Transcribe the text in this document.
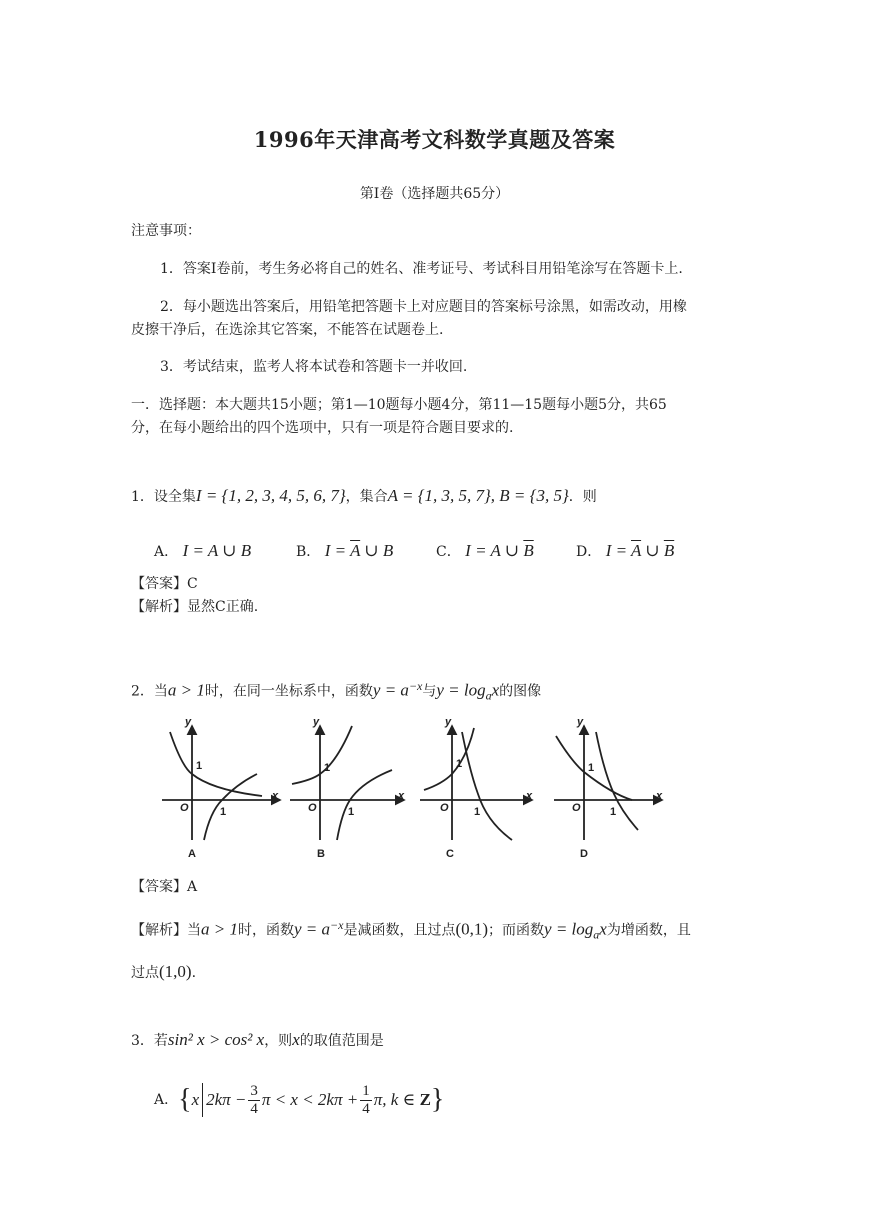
1996年天津高考文科数学真题及答案
第Ⅰ卷（选择题共65分）
注意事项：
1．答案Ⅰ卷前，考生务必将自己的姓名、准考证号、考试科目用铅笔涂写在答题卡上.
2．每小题选出答案后，用铅笔把答题卡上对应题目的答案标号涂黑，如需改动，用橡
皮擦干净后，在选涂其它答案，不能答在试题卷上.
3．考试结束，监考人将本试卷和答题卡一并收回.
一．选择题：本大题共15小题；第1—10题每小题4分，第11—15题每小题5分，共65
分，在每小题给出的四个选项中，只有一项是符合题目要求的.
1．设全集I = {1, 2, 3, 4, 5, 6, 7}，集合A = {1, 3, 5, 7}, B = {3, 5}．则
A． I = A ∪ B	B． $I = \overline{A}$ ∪ B	C． I = A ∪ $\overline{B}$	D． $I = \overline{A}$ ∪ $\overline{B}$
【答案】C
【解析】显然C正确.
2．当a > 1时，在同一坐标系中，函数$y = a^{-x}$与$y = \log_ax$的图像
y
x
O
1
1
A
y
x
O
1
1
B
y
x
O
1
1
C
y
x
O
1
1
D
【答案】A
【解析】当a > 1时，函数$y = a^{-x}$是减函数，且过点(0,1)；而函数$y = \log_ax$为增函数，且
过点(1,0).
3．若sin² x > cos² x，则x的取值范围是
A． { x $2k\pi - \frac{3}{4}$ $\pi < x < 2k\pi + \frac{1}{4} \pi$, k ∈
Z }
